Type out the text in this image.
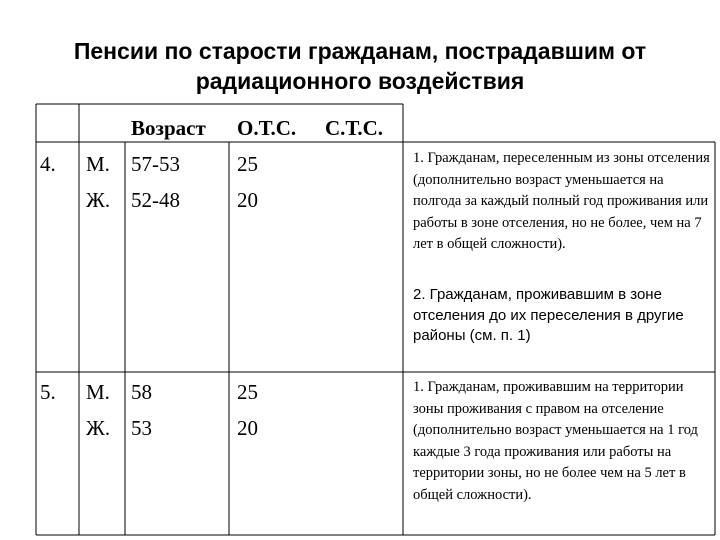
Пенсии по старости гражданам, пострадавшим от
радиационного воздействия
Возраст О.Т.С. С.Т.С.
4. М.
Ж.
57-53
52-48
25
20
1. Гражданам, переселенным из зоны отселения (дополнительно возраст уменьшается на полгода за каждый полный год проживания или работы в зоне отселения, но не более, чем на 7 лет в общей сложности).
2. Гражданам, проживавшим в зоне отселения до их переселения в другие районы (см. п. 1)
5. М.
Ж.
58
53
25
20
1. Гражданам, проживавшим на территории зоны проживания с правом на отселение (дополнительно возраст уменьшается на 1 год каждые 3 года проживания или работы на территории зоны, но не более чем на 5 лет в общей сложности).
